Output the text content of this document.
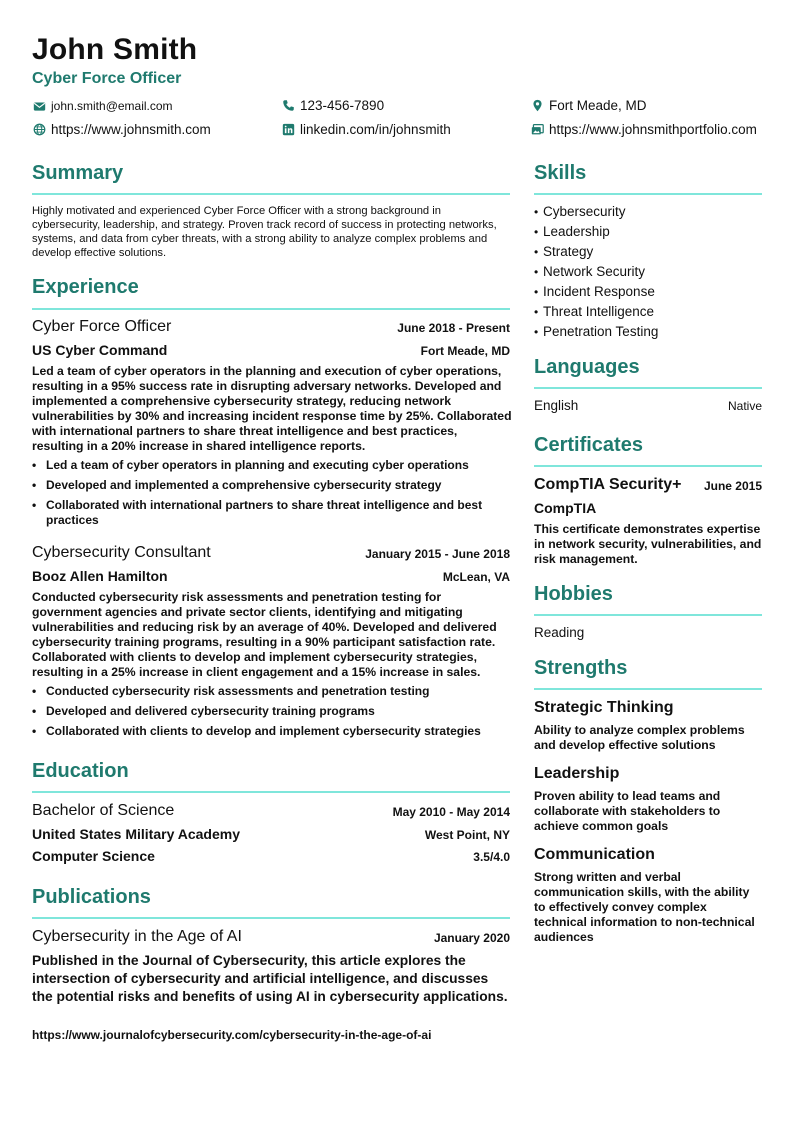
John Smith
Cyber Force Officer
john.smith@email.com	123-456-7890	Fort Meade, MD
https://www.johnsmith.com	linkedin.com/in/johnsmith	https://www.johnsmithportfolio.com
Summary
Highly motivated and experienced Cyber Force Officer with a strong background in cybersecurity, leadership, and strategy. Proven track record of success in protecting networks, systems, and data from cyber threats, with a strong ability to analyze complex problems and develop effective solutions.
Experience
Cyber Force Officer	June 2018 - Present
US Cyber Command	Fort Meade, MD
Led a team of cyber operators in the planning and execution of cyber operations, resulting in a 95% success rate in disrupting adversary networks. Developed and implemented a comprehensive cybersecurity strategy, reducing network vulnerabilities by 30% and increasing incident response time by 25%. Collaborated with international partners to share threat intelligence and best practices, resulting in a 20% increase in shared intelligence reports.
• Led a team of cyber operators in planning and executing cyber operations
• Developed and implemented a comprehensive cybersecurity strategy
• Collaborated with international partners to share threat intelligence and best practices
Cybersecurity Consultant	January 2015 - June 2018
Booz Allen Hamilton	McLean, VA
Conducted cybersecurity risk assessments and penetration testing for government agencies and private sector clients, identifying and mitigating vulnerabilities and reducing risk by an average of 40%. Developed and delivered cybersecurity training programs, resulting in a 90% participant satisfaction rate. Collaborated with clients to develop and implement cybersecurity strategies, resulting in a 25% increase in client engagement and a 15% increase in sales.
• Conducted cybersecurity risk assessments and penetration testing
• Developed and delivered cybersecurity training programs
• Collaborated with clients to develop and implement cybersecurity strategies
Education
Bachelor of Science	May 2010 - May 2014
United States Military Academy	West Point, NY
Computer Science	3.5/4.0
Publications
Cybersecurity in the Age of AI	January 2020
Published in the Journal of Cybersecurity, this article explores the intersection of cybersecurity and artificial intelligence, and discusses the potential risks and benefits of using AI in cybersecurity applications.
https://www.journalofcybersecurity.com/cybersecurity-in-the-age-of-ai
Skills
• Cybersecurity
• Leadership
• Strategy
• Network Security
• Incident Response
• Threat Intelligence
• Penetration Testing
Languages
English	Native
Certificates
CompTIA Security+ June 2015
CompTIA
This certificate demonstrates expertise in network security, vulnerabilities, and risk management.
Hobbies
Reading
Strengths
Strategic Thinking
Ability to analyze complex problems and develop effective solutions
Leadership
Proven ability to lead teams and collaborate with stakeholders to achieve common goals
Communication
Strong written and verbal communication skills, with the ability to effectively convey complex technical information to non-technical audiences
